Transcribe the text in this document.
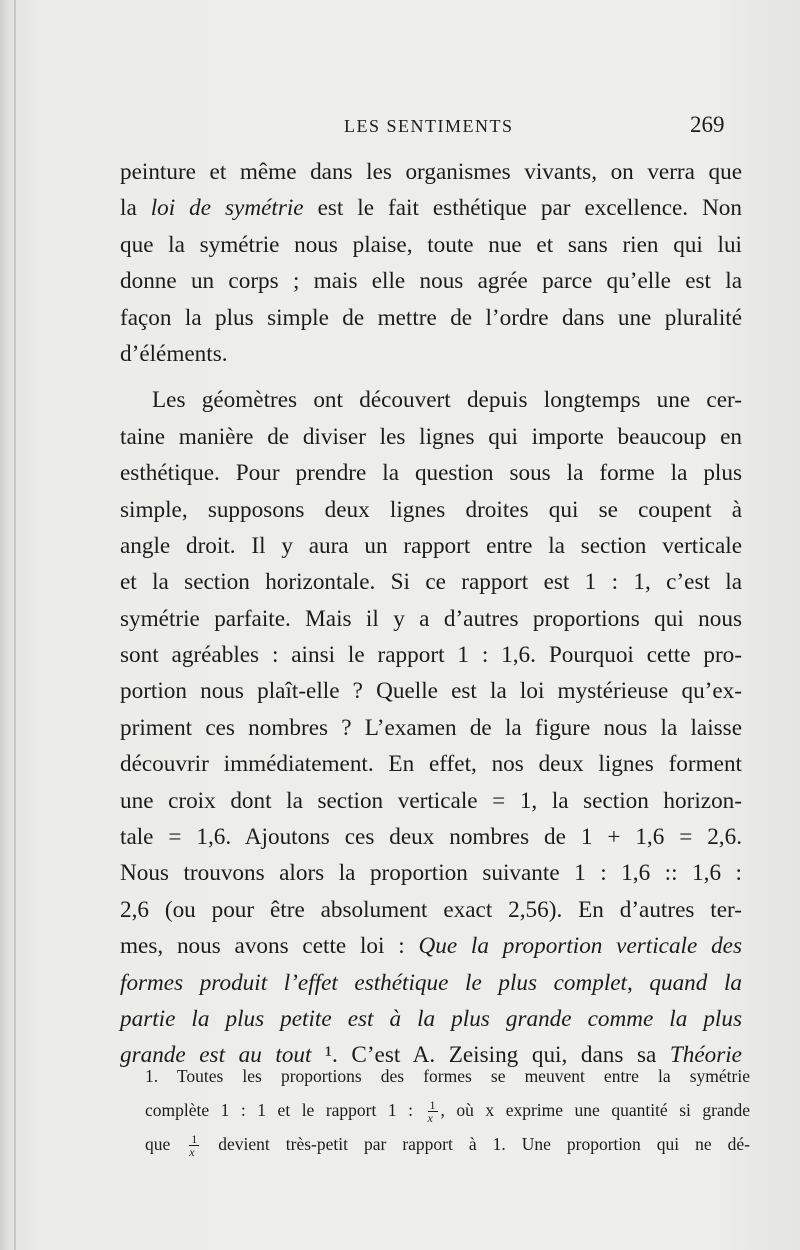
LES SENTIMENTS	269
peinture et même dans les organismes vivants, on verra que
la loi de symétrie est le fait esthétique par excellence. Non
que la symétrie nous plaise, toute nue et sans rien qui lui
donne un corps ; mais elle nous agrée parce qu’elle est la
façon la plus simple de mettre de l’ordre dans une pluralité
d’éléments.
Les géomètres ont découvert depuis longtemps une cer-
taine manière de diviser les lignes qui importe beaucoup en
esthétique. Pour prendre la question sous la forme la plus
simple, supposons deux lignes droites qui se coupent à
angle droit. Il y aura un rapport entre la section verticale
et la section horizontale. Si ce rapport est 1 : 1, c’est la
symétrie parfaite. Mais il y a d’autres proportions qui nous
sont agréables : ainsi le rapport 1 : 1,6. Pourquoi cette pro-
portion nous plaît-elle ? Quelle est la loi mystérieuse qu’ex-
priment ces nombres ? L’examen de la figure nous la laisse
découvrir immédiatement. En effet, nos deux lignes forment
une croix dont la section verticale = 1, la section horizon-
tale = 1,6. Ajoutons ces deux nombres de 1 + 1,6 = 2,6.
Nous trouvons alors la proportion suivante 1 : 1,6 :: 1,6 :
2,6 (ou pour être absolument exact 2,56). En d’autres ter-
mes, nous avons cette loi : Que la proportion verticale des
formes produit l’effet esthétique le plus complet, quand la
partie la plus petite est à la plus grande comme la plus
grande est au tout ¹. C’est A. Zeising qui, dans sa Théorie
1. Toutes les proportions des formes se meuvent entre la symétrie
complète 1 : 1 et le rapport 1 : $\frac{1}{x}$ , où x exprime une quantité si grande
que $\frac{1}{x}$ devient très-petit par rapport à 1. Une proportion qui ne dé-
